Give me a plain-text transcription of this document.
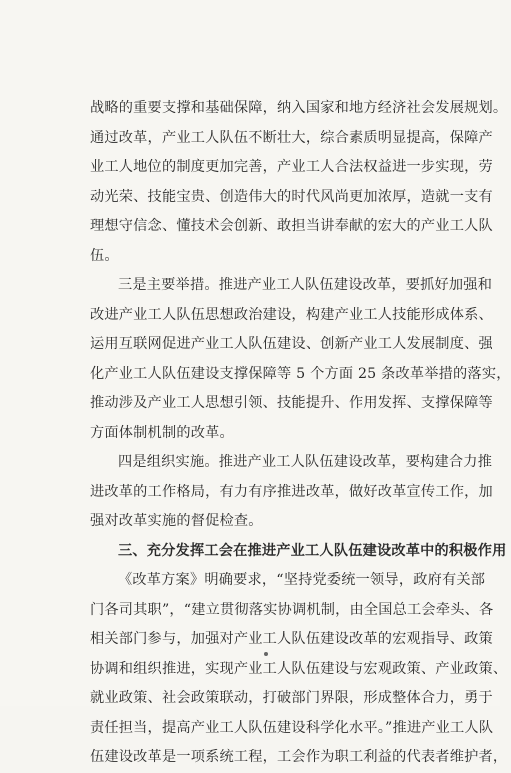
战略的重要支撑和基础保障，纳入国家和地方经济社会发展规划。
通过改革，产业工人队伍不断壮大，综合素质明显提高，保障产
业工人地位的制度更加完善，产业工人合法权益进一步实现，劳
动光荣、技能宝贵、创造伟大的时代风尚更加浓厚，造就一支有
理想守信念、懂技术会创新、敢担当讲奉献的宏大的产业工人队
伍。
三是主要举措。推进产业工人队伍建设改革，要抓好加强和
改进产业工人队伍思想政治建设，构建产业工人技能形成体系、
运用互联网促进产业工人队伍建设、创新产业工人发展制度、强
化产业工人队伍建设支撑保障等 5 个方面 25 条改革举措的落实，
推动涉及产业工人思想引领、技能提升、作用发挥、支撑保障等
方面体制机制的改革。
四是组织实施。推进产业工人队伍建设改革，要构建合力推
进改革的工作格局，有力有序推进改革，做好改革宣传工作，加
强对改革实施的督促检查。
三、充分发挥工会在推进产业工人队伍建设改革中的积极作用
《改革方案》明确要求，“坚持党委统一领导，政府有关部
门各司其职”，“建立贯彻落实协调机制，由全国总工会牵头、各
相关部门参与，加强对产业工人队伍建设改革的宏观指导、政策
协调和组织推进，实现产业工人队伍建设与宏观政策、产业政策、
就业政策、社会政策联动，打破部门界限，形成整体合力，勇于
责任担当，提高产业工人队伍建设科学化水平。”推进产业工人队
伍建设改革是一项系统工程，工会作为职工利益的代表者维护者，
